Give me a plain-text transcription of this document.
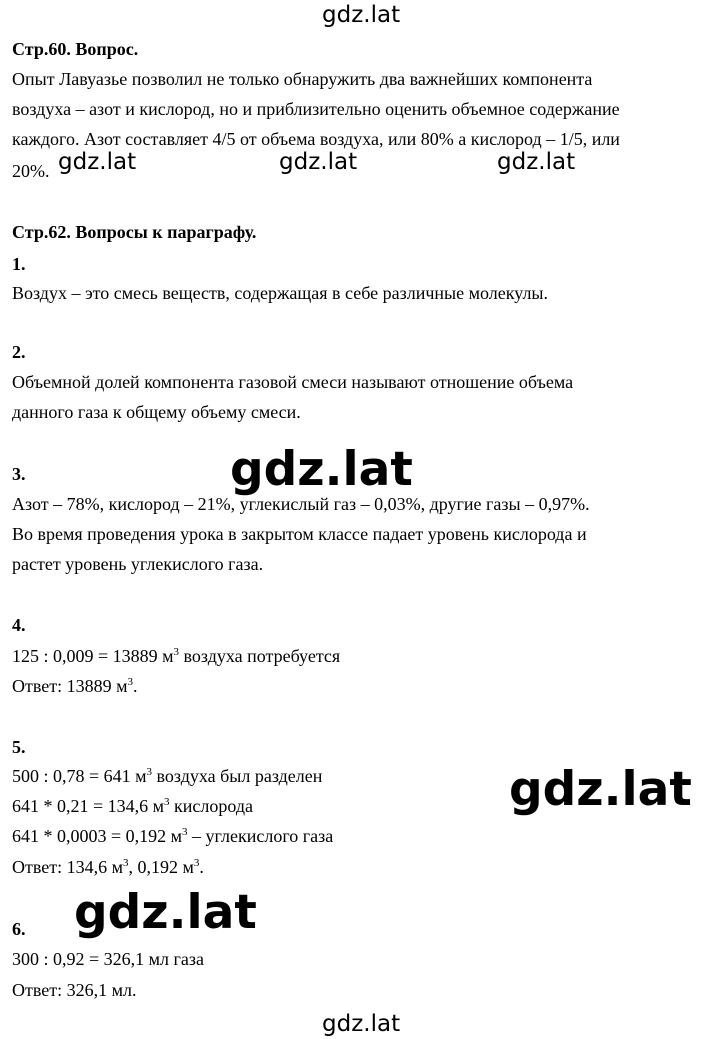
gdz.lat
Стр.60. Вопрос.
Опыт Лавуазье позволил не только обнаружить два важнейших компонента
воздуха – азот и кислород, но и приблизительно оценить объемное содержание
каждого. Азот составляет 4/5 от объема воздуха, или 80% а кислород – 1/5, или
20%. gdz.lat	gdz.lat	gdz.lat
Стр.62. Вопросы к параграфу.
1.
Воздух – это смесь веществ, содержащая в себе различные молекулы.
2.
Объемной долей компонента газовой смеси называют отношение объема
данного газа к общему объему смеси.
3.
Азот – 78%, кислород – 21%, углекислый газ – 0,03%, другие газы – 0,97%.
Во время проведения урока в закрытом классе падает уровень кислорода и
растет уровень углекислого газа.
gdz.lat
4.
125 : 0,009 = 13889 $м^3$ воздуха потребуется
Ответ: 13889 $м^3$.
5.
500 : 0,78 = 641 $м^3$ воздуха был разделен
641 * 0,21 = 134,6 $м^3$ кислорода
641 * 0,0003 = 0,192 $м^3$ – углекислого газа
Ответ: 134,6 $м^3$, 0,192 $м^3$.
gdz.lat
6.
300 : 0,92 = 326,1 мл газа
Ответ: 326,1 мл.
gdz.lat
gdz.lat
